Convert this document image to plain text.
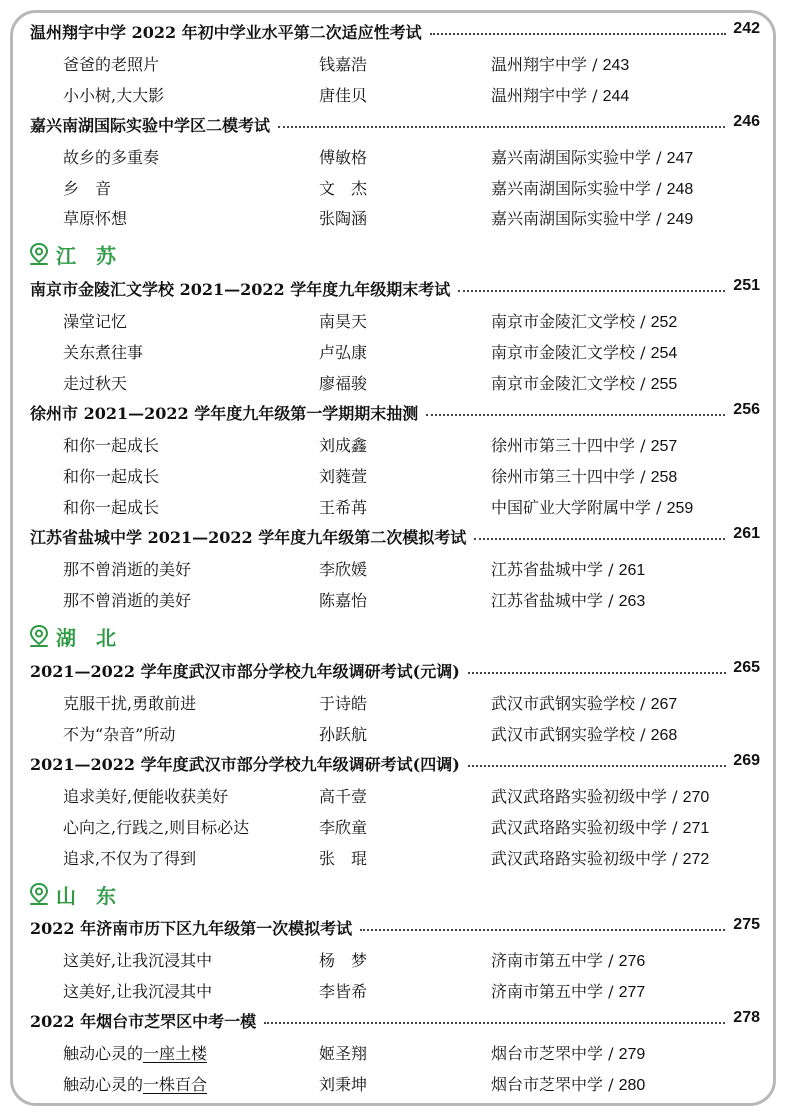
温州翔宇中学 2022 年初中学业水平第二次适应性考试	242
爸爸的老照片	钱嘉浩	温州翔宇中学 / 243
小小树,大大影	唐佳贝	温州翔宇中学 / 244
嘉兴南湖国际实验中学区二模考试	246
故乡的多重奏	傅敏格	嘉兴南湖国际实验中学 / 247
乡　音	文　杰	嘉兴南湖国际实验中学 / 248
草原怀想	张陶涵	嘉兴南湖国际实验中学 / 249
江　苏
南京市金陵汇文学校 2021—2022 学年度九年级期末考试	251
澡堂记忆	南昊天	南京市金陵汇文学校 / 252
关东煮往事	卢弘康	南京市金陵汇文学校 / 254
走过秋天	廖福骏	南京市金陵汇文学校 / 255
徐州市 2021—2022 学年度九年级第一学期期末抽测	256
和你一起成长	刘成鑫	徐州市第三十四中学 / 257
和你一起成长	刘蕤萱	徐州市第三十四中学 / 258
和你一起成长	王希苒	中国矿业大学附属中学 / 259
江苏省盐城中学 2021—2022 学年度九年级第二次模拟考试	261
那不曾消逝的美好	李欣媛	江苏省盐城中学 / 261
那不曾消逝的美好	陈嘉怡	江苏省盐城中学 / 263
湖　北
2021—2022 学年度武汉市部分学校九年级调研考试(元调)	265
克服干扰,勇敢前进	于诗皓	武汉市武钢实验学校 / 267
不为“杂音”所动	孙跃航	武汉市武钢实验学校 / 268
2021—2022 学年度武汉市部分学校九年级调研考试(四调)	269
追求美好,便能收获美好	高千壹	武汉武珞路实验初级中学 / 270
心向之,行践之,则目标必达	李欣童	武汉武珞路实验初级中学 / 271
追求,不仅为了得到	张　琨	武汉武珞路实验初级中学 / 272
山　东
2022 年济南市历下区九年级第一次模拟考试	275
这美好,让我沉浸其中	杨　梦	济南市第五中学 / 276
这美好,让我沉浸其中	李皆希	济南市第五中学 / 277
2022 年烟台市芝罘区中考一模	278
触动心灵的一座土楼	姬圣翔	烟台市芝罘中学 / 279
触动心灵的一株百合	刘秉坤	烟台市芝罘中学 / 280
